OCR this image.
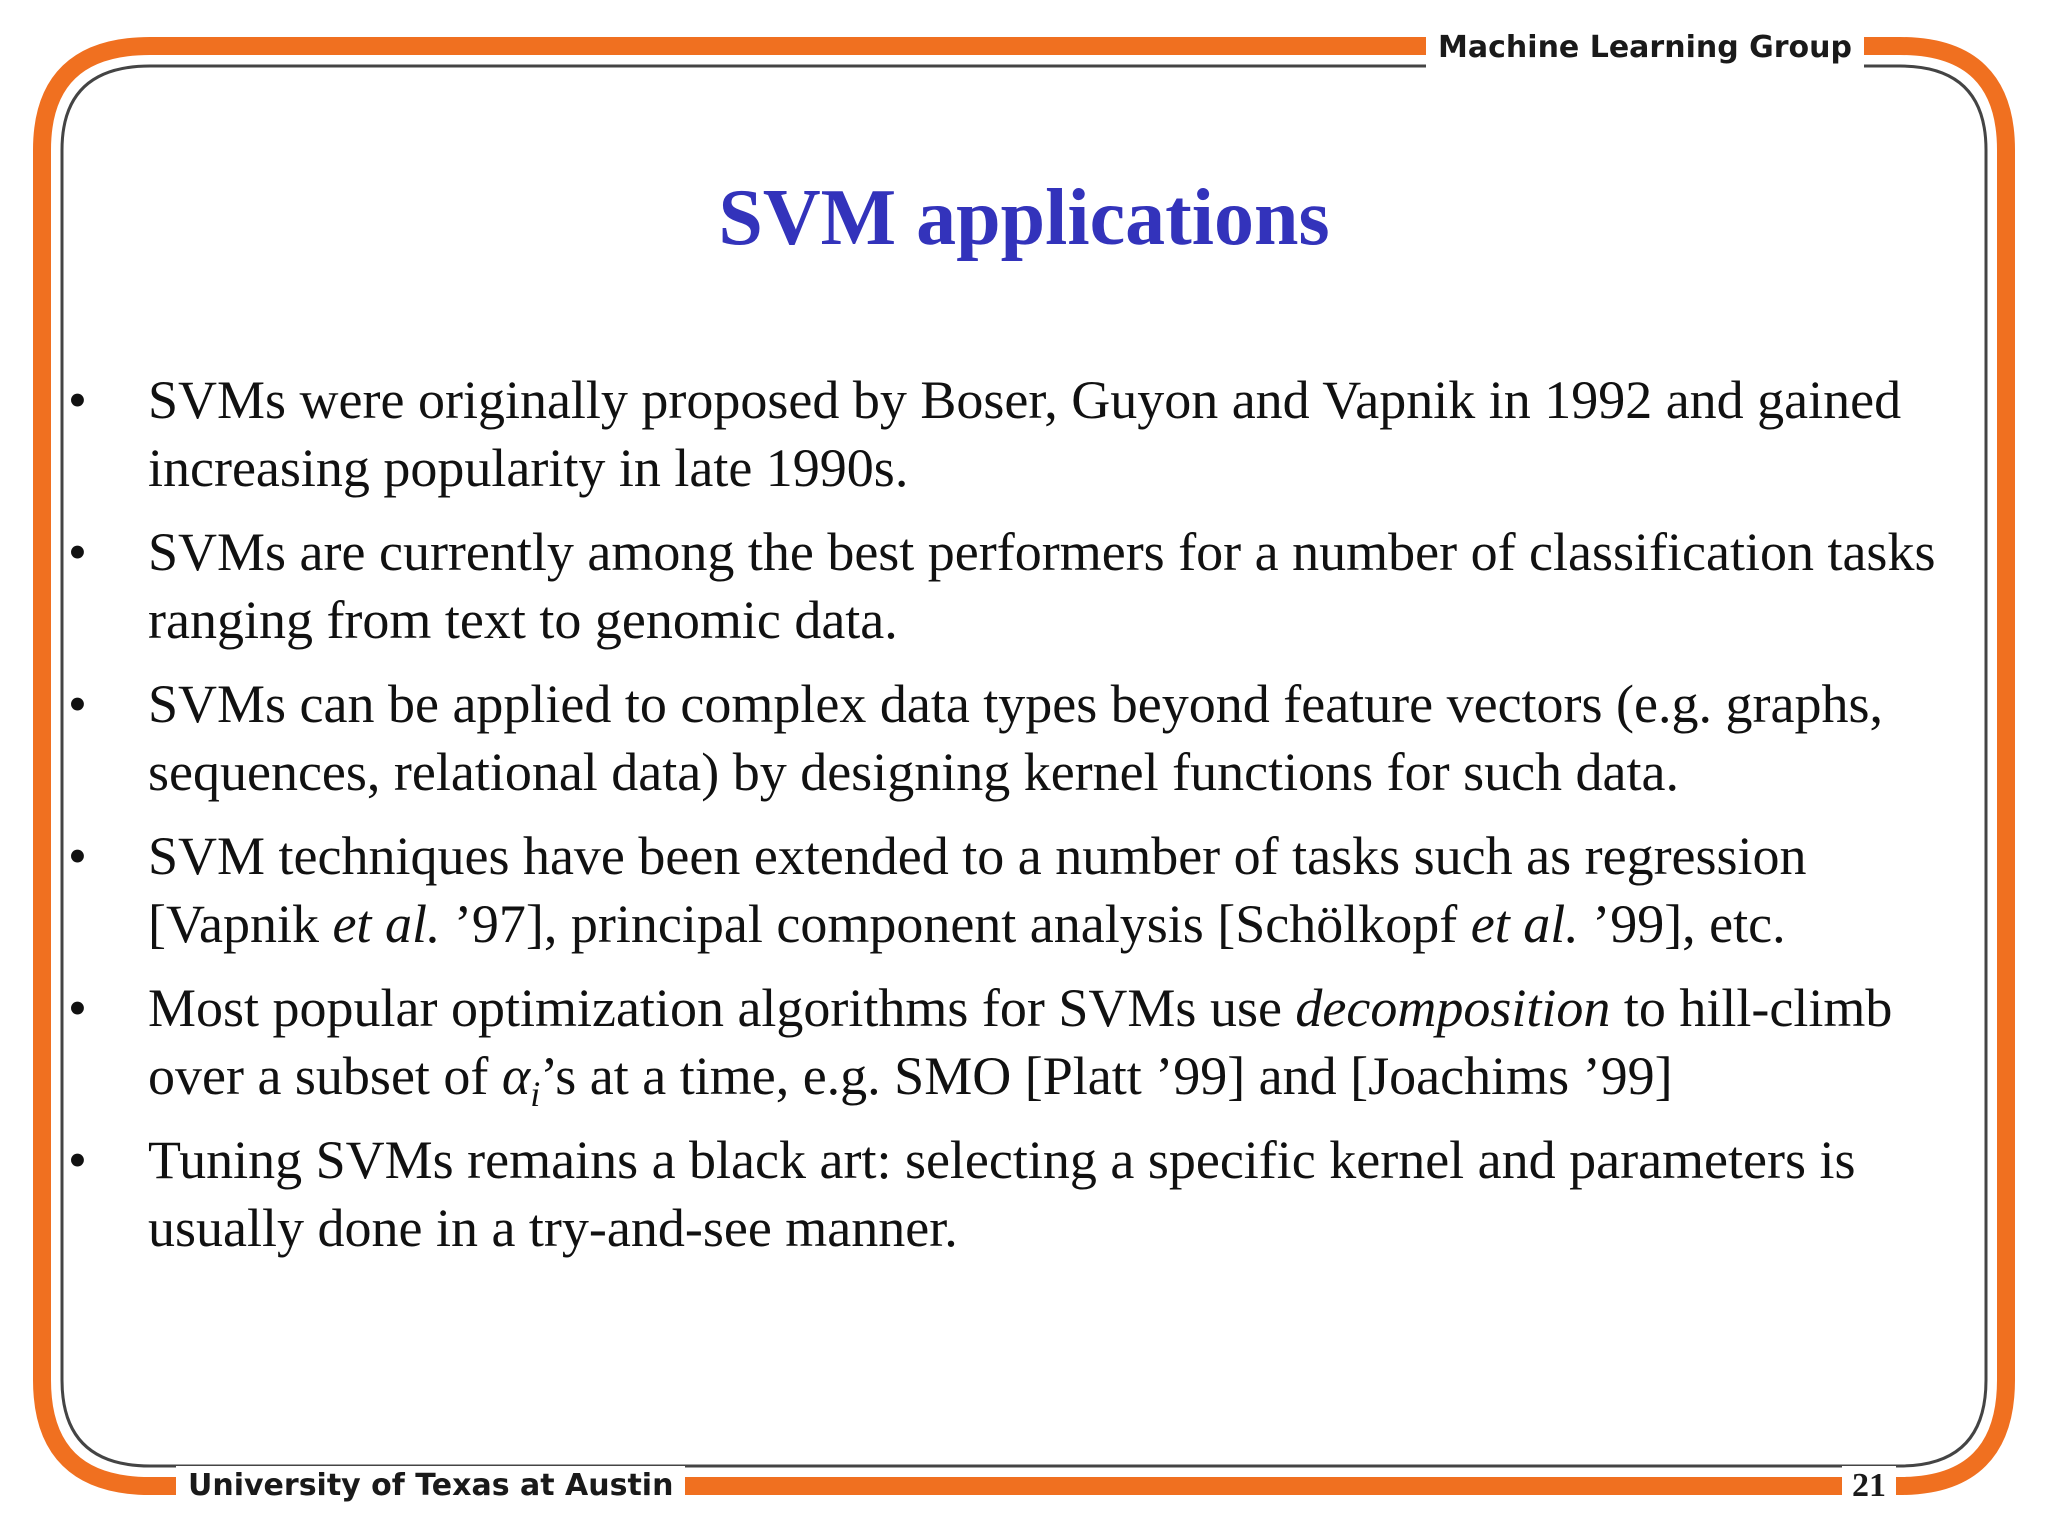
Machine Learning Group
SVM applications
• SVMs were originally proposed by Boser, Guyon and Vapnik in 1992 and gained increasing popularity in late 1990s.
• SVMs are currently among the best performers for a number of classification tasks ranging from text to genomic data.
• SVMs can be applied to complex data types beyond feature vectors (e.g. graphs, sequences, relational data) by designing kernel functions for such data.
• SVM techniques have been extended to a number of tasks such as regression [Vapnik et al. ’97], principal component analysis [Schölkopf et al. ’99], etc.
• Most popular optimization algorithms for SVMs use decomposition to hill-climb over a subset of $\alpha_i’s$ at a time, e.g. SMO [Platt ’99] and [Joachims ’99]
• Tuning SVMs remains a black art: selecting a specific kernel and parameters is usually done in a try-and-see manner.
University of Texas at Austin	21
